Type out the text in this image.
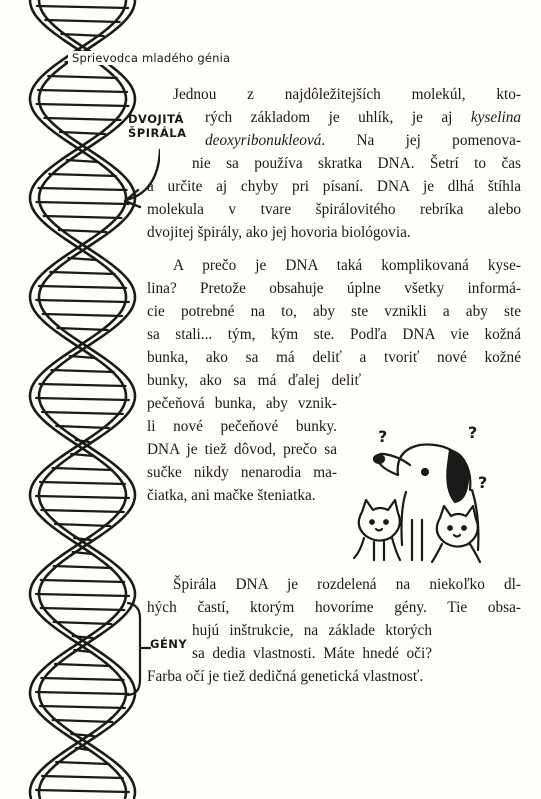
Sprievodca mladého génia
DVOJITÁ
ŠPIRÁLA
GÉNY
Jednou z najdôležitejších molekúl, kto-
rých základom je uhlík, je aj kyselina
deoxyribonukleová. Na jej pomenova-
nie sa používa skratka DNA. Šetrí to čas
a určite aj chyby pri písaní. DNA je dlhá štíhla
molekula v tvare špirálovitého rebríka alebo
dvojitej špirály, ako jej hovoria biológovia.
A prečo je DNA taká komplikovaná kyse-
lina? Pretože obsahuje úplne všetky informá-
cie potrebné na to, aby ste vznikli a aby ste
sa stali... tým, kým ste. Podľa DNA vie kožná
bunka, ako sa má deliť a tvoriť nové kožné
bunky, ako sa má ďalej deliť
pečeňová bunka, aby vznik-
li nové pečeňové bunky.
DNA je tiež dôvod, prečo sa
sučke nikdy nenarodia ma-
čiatka, ani mačke šteniatka.
Špirála DNA je rozdelená na niekoľko dl-
hých častí, ktorým hovoríme gény. Tie obsa-
hujú inštrukcie, na základe ktorých
sa dedia vlastnosti. Máte hnedé oči?
Farba očí je tiež dedičná genetická vlastnosť.
?	?
?
